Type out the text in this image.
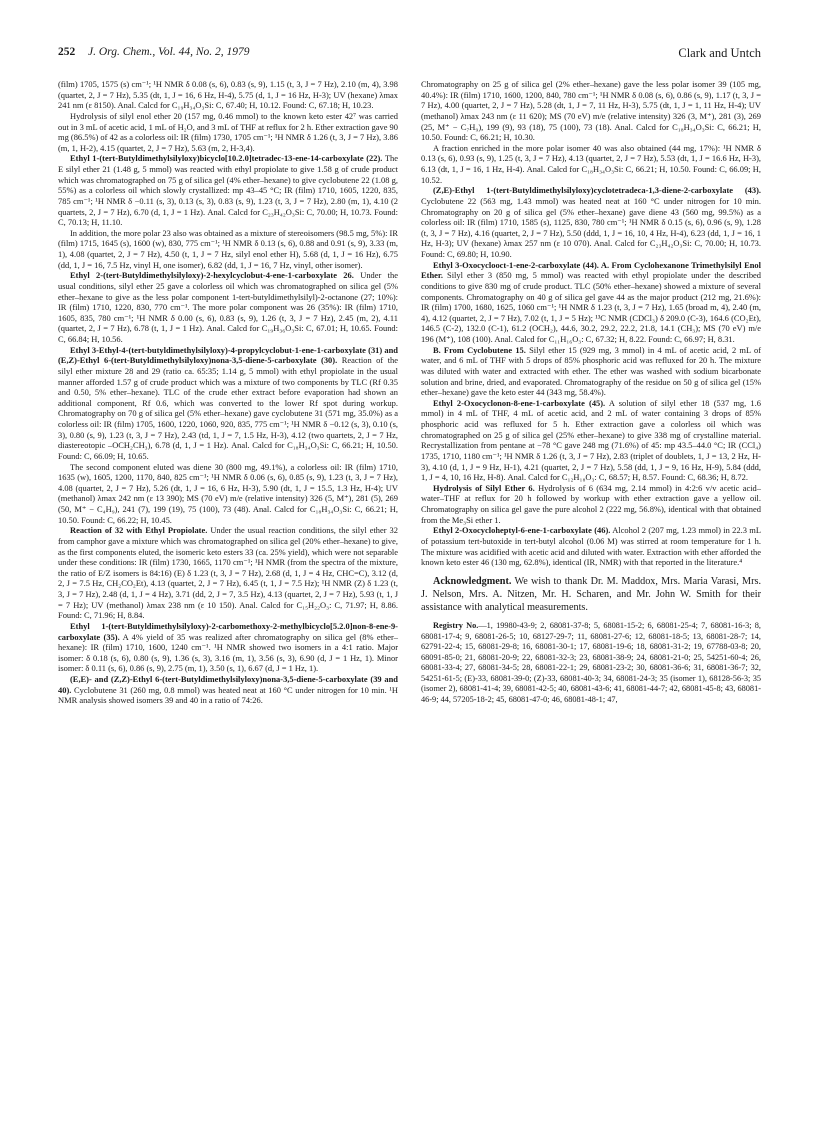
252 J. Org. Chem., Vol. 44, No. 2, 1979	Clark and Untch

(film) 1705, 1575 (s) cm⁻¹; ¹H NMR δ 0.08 (s, 6), 0.83 (s, 9), 1.15 (t, 3, J = 7 Hz), 2.10 (m, 4), 3.98 (quartet, 2, J = 7 Hz), 5.35 (dt, 1, J = 16, 6 Hz, H-4), 5.75 (d, 1, J = 16 Hz, H-3); UV (hexane) λmax 241 nm (ε 8150). Anal. Calcd for C₁₉H₃₄O₃Si: C, 67.40; H, 10.12. Found: C, 67.18; H, 10.23.

Hydrolysis of silyl enol ether 20 (157 mg, 0.46 mmol) to the known keto ester 42⁷ was carried out in 3 mL of acetic acid, 1 mL of H₂O, and 3 mL of THF at reflux for 2 h. Ether extraction gave 90 mg (86.5%) of 42 as a colorless oil: IR (film) 1730, 1705 cm⁻¹; ¹H NMR δ 1.26 (t, 3, J = 7 Hz), 3.86 (m, 1, H-2), 4.15 (quartet, 2, J = 7 Hz), 5.63 (m, 2, H-3,4).

Ethyl 1-(tert-Butyldimethylsilyloxy)bicyclo[10.2.0]tetradec-13-ene-14-carboxylate (22). The E silyl ether 21 (1.48 g, 5 mmol) was reacted with ethyl propiolate to give 1.58 g of crude product which was chromatographed on 75 g of silica gel (4% ether–hexane) to give cyclobutene 22 (1.08 g, 55%) as a colorless oil which slowly crystallized: mp 43–45 °C; IR (film) 1710, 1605, 1220, 835, 785 cm⁻¹; ¹H NMR δ −0.11 (s, 3), 0.13 (s, 3), 0.83 (s, 9), 1.23 (t, 3, J = 7 Hz), 2.80 (m, 1), 4.10 (2 quartets, 2, J = 7 Hz), 6.70 (d, 1, J = 1 Hz). Anal. Calcd for C₂₃H₄₂O₃Si: C, 70.00; H, 10.73. Found: C, 70.13; H, 11.10.

In addition, the more polar 23 also was obtained as a mixture of stereoisomers (98.5 mg, 5%): IR (film) 1715, 1645 (s), 1600 (w), 830, 775 cm⁻¹; ¹H NMR δ 0.13 (s, 6), 0.88 and 0.91 (s, 9), 3.33 (m, 1), 4.08 (quartet, 2, J = 7 Hz), 4.50 (t, 1, J = 7 Hz, silyl enol ether H), 5.68 (d, 1, J = 16 Hz), 6.75 (dd, 1, J = 16, 7.5 Hz, vinyl H, one isomer), 6.82 (dd, 1, J = 16, 7 Hz, vinyl, other isomer).

Ethyl 2-(tert-Butyldimethylsilyloxy)-2-hexylcyclobut-4-ene-1-carboxylate 26. Under the usual conditions, silyl ether 25 gave a colorless oil which was chromatographed on silica gel (5% ether–hexane to give as the less polar component 1-tert-butyldimethylsilyl)-2-octanone (27; 10%): IR (film) 1710, 1220, 830, 770 cm⁻¹. The more polar component was 26 (35%): IR (film) 1710, 1605, 835, 780 cm⁻¹; ¹H NMR δ 0.00 (s, 6), 0.83 (s, 9), 1.26 (t, 3, J = 7 Hz), 2.45 (m, 2), 4.11 (quartet, 2, J = 7 Hz), 6.78 (t, 1, J = 1 Hz). Anal. Calcd for C₁₉H₃₆O₃Si: C, 67.01; H, 10.65. Found: C, 66.84; H, 10.56.

Ethyl 3-Ethyl-4-(tert-butyldimethylsilyloxy)-4-propylcyclobut-1-ene-1-carboxylate (31) and (E,Z)-Ethyl 6-(tert-Butyldimethylsilyloxy)nona-3,5-diene-5-carboxylate (30). Reaction of the silyl ether mixture 28 and 29 (ratio ca. 65:35; 1.14 g, 5 mmol) with ethyl propiolate in the usual manner afforded 1.57 g of crude product which was a mixture of two components by TLC (Rf 0.35 and 0.50, 5% ether–hexane). TLC of the crude ether extract before evaporation had shown an additional component, Rf 0.6, which was converted to the lower Rf spot during workup. Chromatography on 70 g of silica gel (5% ether–hexane) gave cyclobutene 31 (571 mg, 35.0%) as a colorless oil: IR (film) 1705, 1600, 1220, 1060, 920, 835, 775 cm⁻¹; ¹H NMR δ −0.12 (s, 3), 0.10 (s, 3), 0.80 (s, 9), 1.23 (t, 3, J = 7 Hz), 2.43 (td, 1, J = 7, 1.5 Hz, H-3), 4.12 (two quartets, 2, J = 7 Hz, diastereotopic –OCH₂CH₃), 6.78 (d, 1, J = 1 Hz). Anal. Calcd for C₁₈H₃₄O₃Si: C, 66.21; H, 10.50. Found: C, 66.09; H, 10.65.

The second component eluted was diene 30 (800 mg, 49.1%), a colorless oil: IR (film) 1710, 1635 (w), 1605, 1200, 1170, 840, 825 cm⁻¹; ¹H NMR δ 0.06 (s, 6), 0.85 (s, 9), 1.23 (t, 3, J = 7 Hz), 4.08 (quartet, 2, J = 7 Hz), 5.26 (dt, 1, J = 16, 6 Hz, H-3), 5.90 (dt, 1, J = 15.5, 1.3 Hz, H-4); UV (methanol) λmax 242 nm (ε 13 390); MS (70 eV) m/e (relative intensity) 326 (5, M⁺), 281 (5), 269 (50, M⁺ − C₄H₉), 241 (7), 199 (19), 75 (100), 73 (48). Anal. Calcd for C₁₈H₃₄O₃Si: C, 66.21; H, 10.50. Found: C, 66.22; H, 10.45.

Reaction of 32 with Ethyl Propiolate. Under the usual reaction conditions, the silyl ether 32 from camphor gave a mixture which was chromatographed on silica gel (20% ether–hexane) to give, as the first components eluted, the isomeric keto esters 33 (ca. 25% yield), which were not separable under these conditions: IR (film) 1730, 1665, 1170 cm⁻¹; ¹H NMR (from the spectra of the mixture, the ratio of E/Z isomers is 84:16) (E) δ 1.23 (t, 3, J = 7 Hz), 2.68 (d, 1, J = 4 Hz, CHC=C), 3.12 (d, 2, J = 7.5 Hz, CH₂CO₂Et), 4.13 (quartet, 2, J = 7 Hz), 6.45 (t, 1, J = 7.5 Hz); ¹H NMR (Z) δ 1.23 (t, 3, J = 7 Hz), 2.48 (d, 1, J = 4 Hz), 3.71 (dd, 2, J = 7, 3.5 Hz), 4.13 (quartet, 2, J = 7 Hz), 5.93 (t, 1, J = 7 Hz); UV (methanol) λmax 238 nm (ε 10 150). Anal. Calcd for C₁₅H₂₂O₃: C, 71.97; H, 8.86. Found: C, 71.96; H, 8.84.

Ethyl 1-(tert-Butyldimethylsilyloxy)-2-carbomethoxy-2-methylbicyclo[5.2.0]non-8-ene-9-carboxylate (35). A 4% yield of 35 was realized after chromatography on silica gel (8% ether–hexane): IR (film) 1710, 1600, 1240 cm⁻¹. ¹H NMR showed two isomers in a 4:1 ratio. Major isomer: δ 0.18 (s, 6), 0.80 (s, 9), 1.36 (s, 3), 3.16 (m, 1), 3.56 (s, 3), 6.90 (d, J = 1 Hz, 1). Minor isomer: δ 0.11 (s, 6), 0.86 (s, 9), 2.75 (m, 1), 3.50 (s, 1), 6.67 (d, J = 1 Hz, 1).

(E,E)- and (Z,Z)-Ethyl 6-(tert-Butyldimethylsilyloxy)nona-3,5-diene-5-carboxylate (39 and 40). Cyclobutene 31 (260 mg, 0.8 mmol) was heated neat at 160 °C under nitrogen for 10 min. ¹H NMR analysis showed isomers 39 and 40 in a ratio of 74:26.

Chromatography on 25 g of silica gel (2% ether–hexane) gave the less polar isomer 39 (105 mg, 40.4%): IR (film) 1710, 1600, 1200, 840, 780 cm⁻¹; ¹H NMR δ 0.08 (s, 6), 0.86 (s, 9), 1.17 (t, 3, J = 7 Hz), 4.00 (quartet, 2, J = 7 Hz), 5.28 (dt, 1, J = 7, 11 Hz, H-3), 5.75 (dt, 1, J = 1, 11 Hz, H-4); UV (methanol) λmax 243 nm (ε 11 620); MS (70 eV) m/e (relative intensity) 326 (3, M⁺), 281 (3), 269 (25, M⁺ − C₇H₉), 199 (9), 93 (18), 75 (100), 73 (18). Anal. Calcd for C₁₈H₃₄O₃Si: C, 66.21; H, 10.50. Found: C, 66.21; H, 10.30.

A fraction enriched in the more polar isomer 40 was also obtained (44 mg, 17%): ¹H NMR δ 0.13 (s, 6), 0.93 (s, 9), 1.25 (t, 3, J = 7 Hz), 4.13 (quartet, 2, J = 7 Hz), 5.53 (dt, 1, J = 16.6 Hz, H-3), 6.13 (dt, 1, J = 16, 1 Hz, H-4). Anal. Calcd for C₁₈H₃₄O₃Si: C, 66.21; H, 10.50. Found: C, 66.09; H, 10.52.

(Z,E)-Ethyl 1-(tert-Butyldimethylsilyloxy)cyclotetradeca-1,3-diene-2-carboxylate (43). Cyclobutene 22 (563 mg, 1.43 mmol) was heated neat at 160 °C under nitrogen for 10 min. Chromatography on 20 g of silica gel (5% ether–hexane) gave diene 43 (560 mg, 99.5%) as a colorless oil: IR (film) 1710, 1585 (s), 1125, 830, 780 cm⁻¹; ¹H NMR δ 0.15 (s, 6), 0.96 (s, 9), 1.28 (t, 3, J = 7 Hz), 4.16 (quartet, 2, J = 7 Hz), 5.50 (ddd, 1, J = 16, 10, 4 Hz, H-4), 6.23 (dd, 1, J = 16, 1 Hz, H-3); UV (hexane) λmax 257 nm (ε 10 070). Anal. Calcd for C₂₃H₄₂O₃Si: C, 70.00; H, 10.73. Found: C, 69.80; H, 10.90.

Ethyl 3-Oxocyclooct-1-ene-2-carboxylate (44). A. From Cyclohexanone Trimethylsilyl Enol Ether. Silyl ether 3 (850 mg, 5 mmol) was reacted with ethyl propiolate under the described conditions to give 830 mg of crude product. TLC (50% ether–hexane) showed a mixture of several components. Chromatography on 40 g of silica gel gave 44 as the major product (212 mg, 21.6%): IR (film) 1700, 1680, 1625, 1060 cm⁻¹; ¹H NMR δ 1.23 (t, 3, J = 7 Hz), 1.65 (broad m, 4), 2.40 (m, 4), 4.12 (quartet, 2, J = 7 Hz), 7.02 (t, 1, J = 5 Hz); ¹³C NMR (CDCl₃) δ 209.0 (C-3), 164.6 (CO₂Et), 146.5 (C-2), 132.0 (C-1), 61.2 (OCH₂), 44.6, 30.2, 29.2, 22.2, 21.8, 14.1 (CH₃); MS (70 eV) m/e 196 (M⁺), 108 (100). Anal. Calcd for C₁₁H₁₆O₃: C, 67.32; H, 8.22. Found: C, 66.97; H, 8.31.

B. From Cyclobutene 15. Silyl ether 15 (929 mg, 3 mmol) in 4 mL of acetic acid, 2 mL of water, and 6 mL of THF with 5 drops of 85% phosphoric acid was refluxed for 20 h. The mixture was diluted with water and extracted with ether. The ether was washed with sodium bicarbonate solution and brine, dried, and evaporated. Chromatography of the residue on 50 g of silica gel (15% ether–hexane) gave the keto ester 44 (343 mg, 58.4%).

Ethyl 2-Oxocyclonon-8-ene-1-carboxylate (45). A solution of silyl ether 18 (537 mg, 1.6 mmol) in 4 mL of THF, 4 mL of acetic acid, and 2 mL of water containing 3 drops of 85% phosphoric acid was refluxed for 5 h. Ether extraction gave a colorless oil which was chromatographed on 25 g of silica gel (25% ether–hexane) to give 338 mg of crystalline material. Recrystallization from pentane at −78 °C gave 248 mg (71.6%) of 45: mp 43.5–44.0 °C; IR (CCl₄) 1735, 1710, 1180 cm⁻¹; ¹H NMR δ 1.26 (t, 3, J = 7 Hz), 2.83 (triplet of doublets, 1, J = 13, 2 Hz, H-3), 4.10 (d, 1, J = 9 Hz, H-1), 4.21 (quartet, 2, J = 7 Hz), 5.58 (dd, 1, J = 9, 16 Hz, H-9), 5.84 (ddd, 1, J = 4, 10, 16 Hz, H-8). Anal. Calcd for C₁₂H₁₈O₃: C, 68.57; H, 8.57. Found: C, 68.36; H, 8.72.

Hydrolysis of Silyl Ether 6. Hydrolysis of 6 (634 mg, 2.14 mmol) in 4:2:6 v/v acetic acid–water–THF at reflux for 20 h followed by workup with ether extraction gave a yellow oil. Chromatography on silica gel gave the pure alcohol 2 (222 mg, 56.8%), identical with that obtained from the Me₃Si ether 1.

Ethyl 2-Oxocycloheptyl-6-ene-1-carboxylate (46). Alcohol 2 (207 mg, 1.23 mmol) in 22.3 mL of potassium tert-butoxide in tert-butyl alcohol (0.06 M) was stirred at room temperature for 1 h. The mixture was acidified with acetic acid and diluted with water. Extraction with ether afforded the known keto ester 46 (130 mg, 62.8%), identical (IR, NMR) with that reported in the literature.⁴

Acknowledgment. We wish to thank Dr. M. Maddox, Mrs. Maria Varasi, Mrs. J. Nelson, Mrs. A. Nitzen, Mr. H. Scharen, and Mr. John W. Smith for their assistance with analytical measurements.

Registry No.—1, 19980-43-9; 2, 68081-37-8; 5, 68081-15-2; 6, 68081-25-4; 7, 68081-16-3; 8, 68081-17-4; 9, 68081-26-5; 10, 68127-29-7; 11, 68081-27-6; 12, 68081-18-5; 13, 68081-28-7; 14, 62791-22-4; 15, 68081-29-8; 16, 68081-30-1; 17, 68081-19-6; 18, 68081-31-2; 19, 67788-03-8; 20, 68091-85-0; 21, 68081-20-9; 22, 68081-32-3; 23, 68081-38-9; 24, 68081-21-0; 25, 54251-60-4; 26, 68081-33-4; 27, 68081-34-5; 28, 68081-22-1; 29, 68081-23-2; 30, 68081-36-6; 31, 68081-36-7; 32, 54251-61-5; (E)-33, 68081-39-0; (Z)-33, 68081-40-3; 34, 68081-24-3; 35 (isomer 1), 68128-56-3; 35 (isomer 2), 68081-41-4; 39, 68081-42-5; 40, 68081-43-6; 41, 68081-44-7; 42, 68081-45-8; 43, 68081-46-9; 44, 57205-18-2; 45, 68081-47-0; 46, 68081-48-1; 47,
